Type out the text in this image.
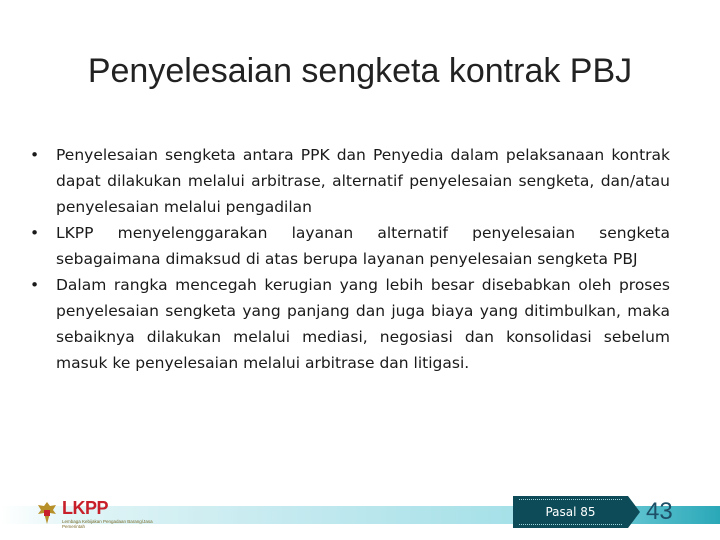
Penyelesaian sengketa kontrak PBJ
•	Penyelesaian sengketa antara PPK dan Penyedia dalam pelaksanaan kontrak dapat dilakukan melalui arbitrase, alternatif penyelesaian sengketa, dan/atau penyelesaian melalui pengadilan
•	LKPP menyelenggarakan layanan alternatif penyelesaian sengketa sebagaimana dimaksud di atas berupa layanan penyelesaian sengketa PBJ
•	Dalam rangka mencegah kerugian yang lebih besar disebabkan oleh proses penyelesaian sengketa yang panjang dan juga biaya yang ditimbulkan, maka sebaiknya dilakukan melalui mediasi, negosiasi dan konsolidasi sebelum masuk ke penyelesaian melalui arbitrase dan litigasi.
LKPP
Lembaga Kebijakan Pengadaan Barang/Jasa Pemerintah
Pasal 85	43
